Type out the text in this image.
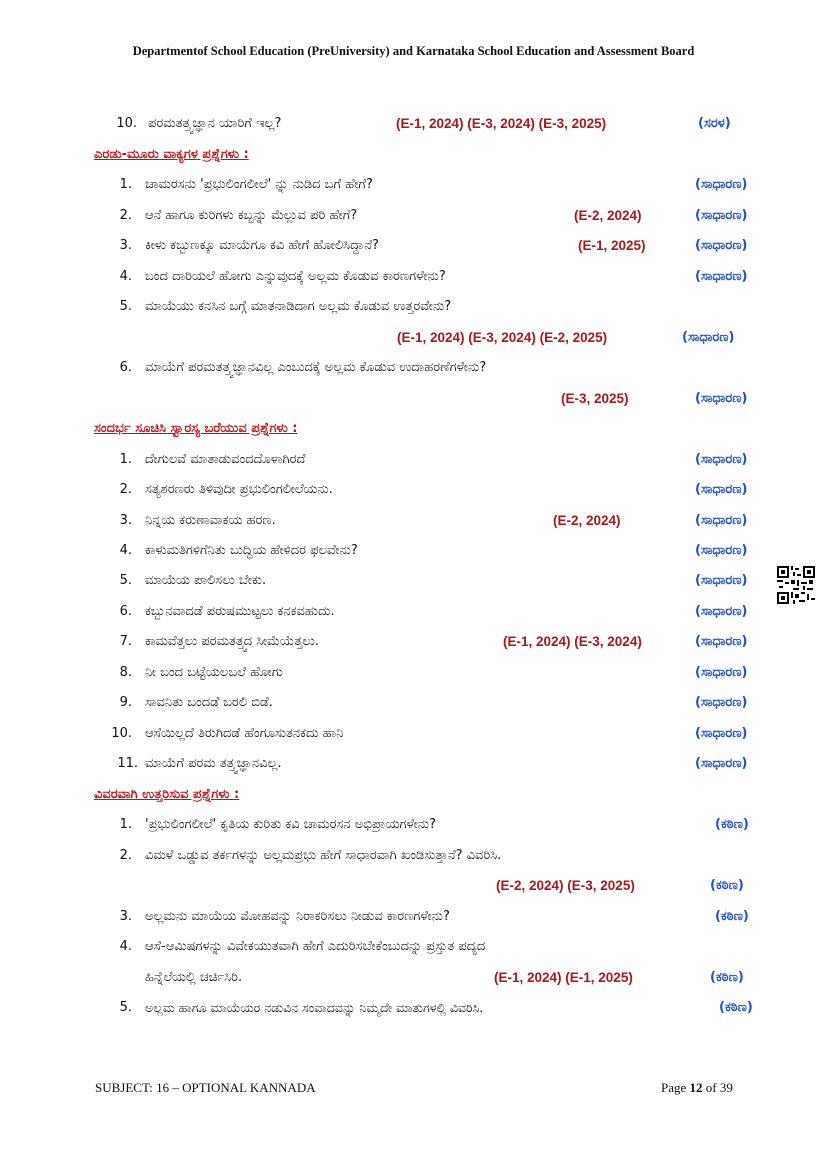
Departmentof School Education (PreUniversity) and Karnataka School Education and Assessment Board
10. ಪರಮತತ್ತ್ವಜ್ಞಾನ ಯಾರಿಗೆ ಇಲ್ಲ?	(E-1, 2024) (E-3, 2024) (E-3, 2025)	(ಸರಳ)
ಎರಡು-ಮೂರು ವಾಕ್ಯಗಳ ಪ್ರಶ್ನೆಗಳು :
1. ಚಾಮರಸನು 'ಪ್ರಭುಲಿಂಗಲೀಲೆ' ನ್ನು ನುಡಿದ ಬಗೆ ಹೇಗೆ?	(ಸಾಧಾರಣ)
2. ಆನೆ ಹಾಗೂ ಕುರಿಗಳು ಕಬ್ಬನ್ನು ಮೆಲ್ಲುವ ಪರಿ ಹೇಗೆ?	(E-2, 2024)	(ಸಾಧಾರಣ)
3. ಕೀಳು ಕಬ್ಬುಣಕ್ಕೂ ಮಾಯೆಗೂ ಕವಿ ಹೇಗೆ ಹೋಲಿಸಿದ್ದಾನೆ?	(E-1, 2025)	(ಸಾಧಾರಣ)
4. ಬಂದ ದಾರಿಯಲೆ ಹೋಗು ಎನ್ನುವುದಕ್ಕೆ ಅಲ್ಲಮ ಕೊಡುವ ಕಾರಣಗಳೇನು?	(ಸಾಧಾರಣ)
5. ಮಾಯೆಯು ಕನಸಿನ ಬಗ್ಗೆ ಮಾತನಾಡಿದಾಗ ಅಲ್ಲಮ ಕೊಡುವ ಉತ್ತರವೇನು?
(E-1, 2024) (E-3, 2024) (E-2, 2025)	(ಸಾಧಾರಣ)
6. ಮಾಯೆಗೆ ಪರಮತತ್ತ್ವಜ್ಞಾನವಿಲ್ಲ ಎಂಬುದಕ್ಕೆ ಅಲ್ಲಮ ಕೊಡುವ ಉದಾಹರಣೆಗಳೇನು?
(E-3, 2025)	(ಸಾಧಾರಣ)
ಸಂದರ್ಭ ಸೂಚಿಸಿ ಸ್ವಾರಸ್ಯ ಬರೆಯುವ ಪ್ರಶ್ನೆಗಳು :
1. ದೇಗುಲವೆ ಮಾತಾಡುವಂದದೊಳಾಗಿರದೆ	(ಸಾಧಾರಣ)
2. ಸತ್ಯಶರಣರು ತಿಳಿವುದೀ ಪ್ರಭುಲಿಂಗಲೀಲೆಯನು.	(ಸಾಧಾರಣ)
3. ನಿನ್ನಯ ಕರುಣಾವಾಕಯ ಹರಣ.	(E-2, 2024)	(ಸಾಧಾರಣ)
4. ಕಾಳುಮತಿಗಳಿಗೆನಿತು ಬುದ್ಧಿಯ ಹೇಳಿದರ ಫಲವೇನು?	(ಸಾಧಾರಣ)
5. ಮಾಯೆಯ ಪಾಲಿಸಲು ಬೇಕು.	(ಸಾಧಾರಣ)
6. ಕಬ್ಬುನವಾದಡೆ ಪರುಷಮುಟ್ಟಲು ಕನಕವಹುದು.	(ಸಾಧಾರಣ)
7. ಕಾಮವೆತ್ತಲು ಪರಮತತ್ತ್ವದ ಸೀಮೆಯೆತ್ತಲು.	(E-1, 2024) (E-3, 2024)	(ಸಾಧಾರಣ)
8. ನೀ ಬಂದ ಬಟ್ಟೆಯಲಬಲೆ ಹೋಗು	(ಸಾಧಾರಣ)
9. ಸಾವನಿತು ಬಂದಡೆ ಬರಲಿ ಬಿಡೆ.	(ಸಾಧಾರಣ)
10. ಆಸೆಯಿಲ್ಲದೆ ತಿರುಗಿದಡೆ ಹೆಂಗೂಸುತನಕದು ಹಾನಿ	(ಸಾಧಾರಣ)
11. ಮಾಯೆಗೆ ಪರಮ ತತ್ತ್ವಜ್ಞಾನವಿಲ್ಲ.	(ಸಾಧಾರಣ)
ವಿವರವಾಗಿ ಉತ್ತರಿಸುವ ಪ್ರಶ್ನೆಗಳು :
1. 'ಪ್ರಭುಲಿಂಗಲೀಲೆ' ಕೃತಿಯ ಕುರಿತು ಕವಿ ಚಾಮರಸನ ಅಭಿಪ್ರಾಯಗಳೇನು?	(ಕಠಿಣ)
2. ವಿಮಳೆ ಒಡ್ಡುವ ತರ್ಕಗಳನ್ನು ಅಲ್ಲಮಪ್ರಭು ಹೇಗೆ ಸಾಧಾರವಾಗಿ ಖಂಡಿಸುತ್ತಾನೆ? ವಿವರಿಸಿ.
(E-2, 2024) (E-3, 2025)	(ಕಠಿಣ)
3. ಅಲ್ಲಮನು ಮಾಯೆಯ ಮೋಹವನ್ನು ನಿರಾಕರಿಸಲು ನೀಡುವ ಕಾರಣಗಳೇನು?	(ಕಠಿಣ)
4. ಆಸೆ-ಆಮಿಷಗಳನ್ನು ವಿವೇಕಯುತವಾಗಿ ಹೇಗೆ ಎದುರಿಸಬೇಕೆಂಬುದನ್ನು ಪ್ರಸ್ತುತ ಪದ್ಯದ
ಹಿನ್ನೆಲೆಯಲ್ಲಿ ಚರ್ಚಿಸಿರಿ.	(E-1, 2024) (E-1, 2025)	(ಕಠಿಣ)
5. ಅಲ್ಲಮ ಹಾಗೂ ಮಾಯೆಯರ ನಡುವಿನ ಸಂವಾದವನ್ನು ನಿಮ್ಮದೇ ಮಾತುಗಳಲ್ಲಿ ವಿವರಿಸಿ.	(ಕಠಿಣ)
SUBJECT: 16 – OPTIONAL KANNADA	Page 12 of 39
